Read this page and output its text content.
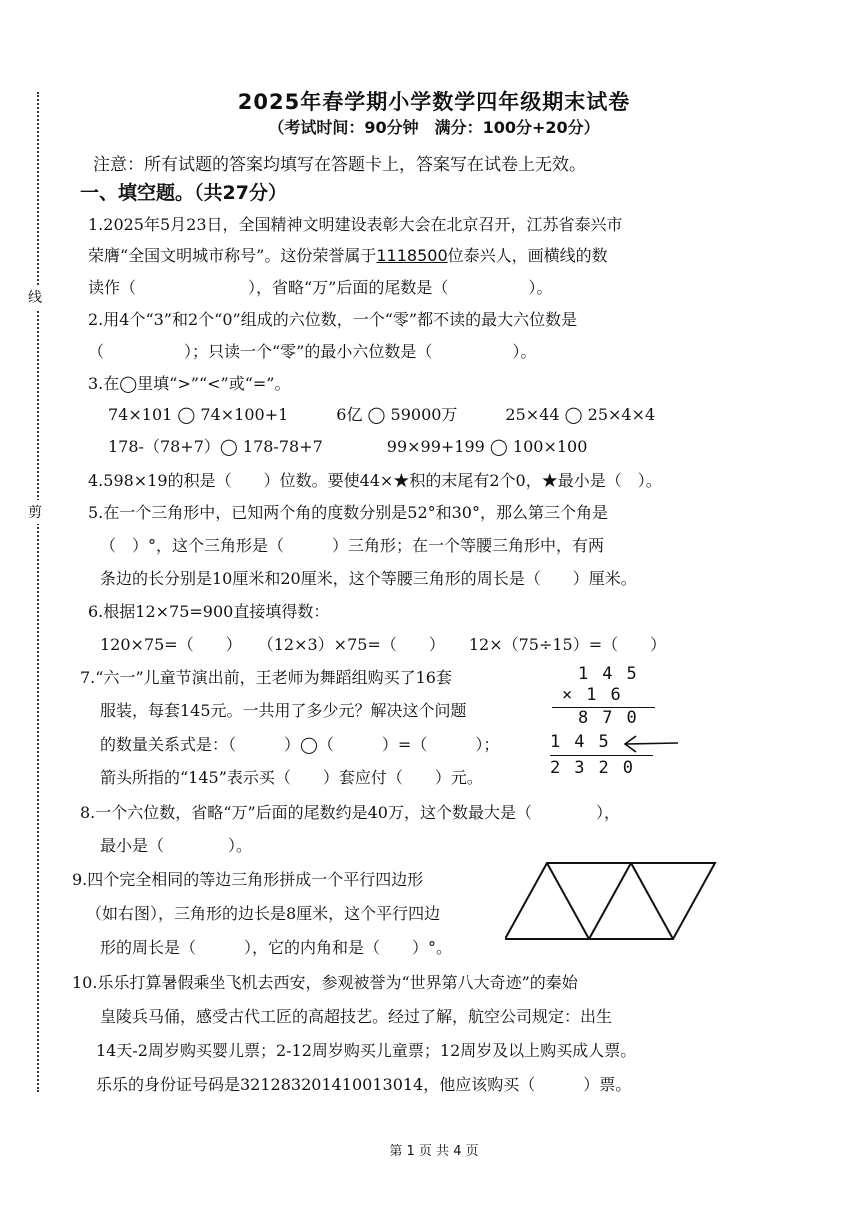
线
剪
2025年春学期小学数学四年级期末试卷
（考试时间：90分钟　满分：100分+20分）
注意：所有试题的答案均填写在答题卡上，答案写在试卷上无效。
一、填空题。（共27分）
1.2025年5月23日，全国精神文明建设表彰大会在北京召开，江苏省泰兴市
荣膺“全国文明城市称号”。这份荣誉属于1118500位泰兴人，画横线的数
读作（　　　　　　　），省略“万”后面的尾数是（　　　　　）。
2.用4个“3”和2个“0”组成的六位数，一个“零”都不读的最大六位数是
（　　　　　）；只读一个“零”的最小六位数是（　　　　　）。
3.在◯里填“>”“<”或“=”。
74×101 ◯ 74×100+1　　　6亿 ◯ 59000万　　　25×44 ◯ 25×4×4
178-（78+7）◯ 178-78+7　　　　99×99+199 ◯ 100×100
4.598×19的积是（　　）位数。要使44×★积的末尾有2个0，★最小是（　）。
5.在一个三角形中，已知两个角的度数分别是52°和30°，那么第三个角是
（　）°，这个三角形是（　　　）三角形；在一个等腰三角形中，有两
条边的长分别是10厘米和20厘米，这个等腰三角形的周长是（　　）厘米。
6.根据12×75=900直接填得数：
120×75=（　　）　　（12×3）×75=（　　）　　12×（75÷15）=（　　）
7.“六一”儿童节演出前，王老师为舞蹈组购买了16套
服装，每套145元。一共用了多少元？解决这个问题
的数量关系式是：（　　　）◯（　　　）=（　　　）；
箭头所指的“145”表示买（　　）套应付（　　）元。
145
×16
870
145
2320
8.一个六位数，省略“万”后面的尾数约是40万，这个数最大是（　　　　），
最小是（　　　　）。
9.四个完全相同的等边三角形拼成一个平行四边形
（如右图），三角形的边长是8厘米，这个平行四边
形的周长是（　　　），它的内角和是（　　）°。
10.乐乐打算暑假乘坐飞机去西安，参观被誉为“世界第八大奇迹”的秦始
皇陵兵马俑，感受古代工匠的高超技艺。经过了解，航空公司规定：出生
14天-2周岁购买婴儿票；2-12周岁购买儿童票；12周岁及以上购买成人票。
乐乐的身份证号码是321283201410013014，他应该购买（　　　）票。
第 1 页 共 4 页
